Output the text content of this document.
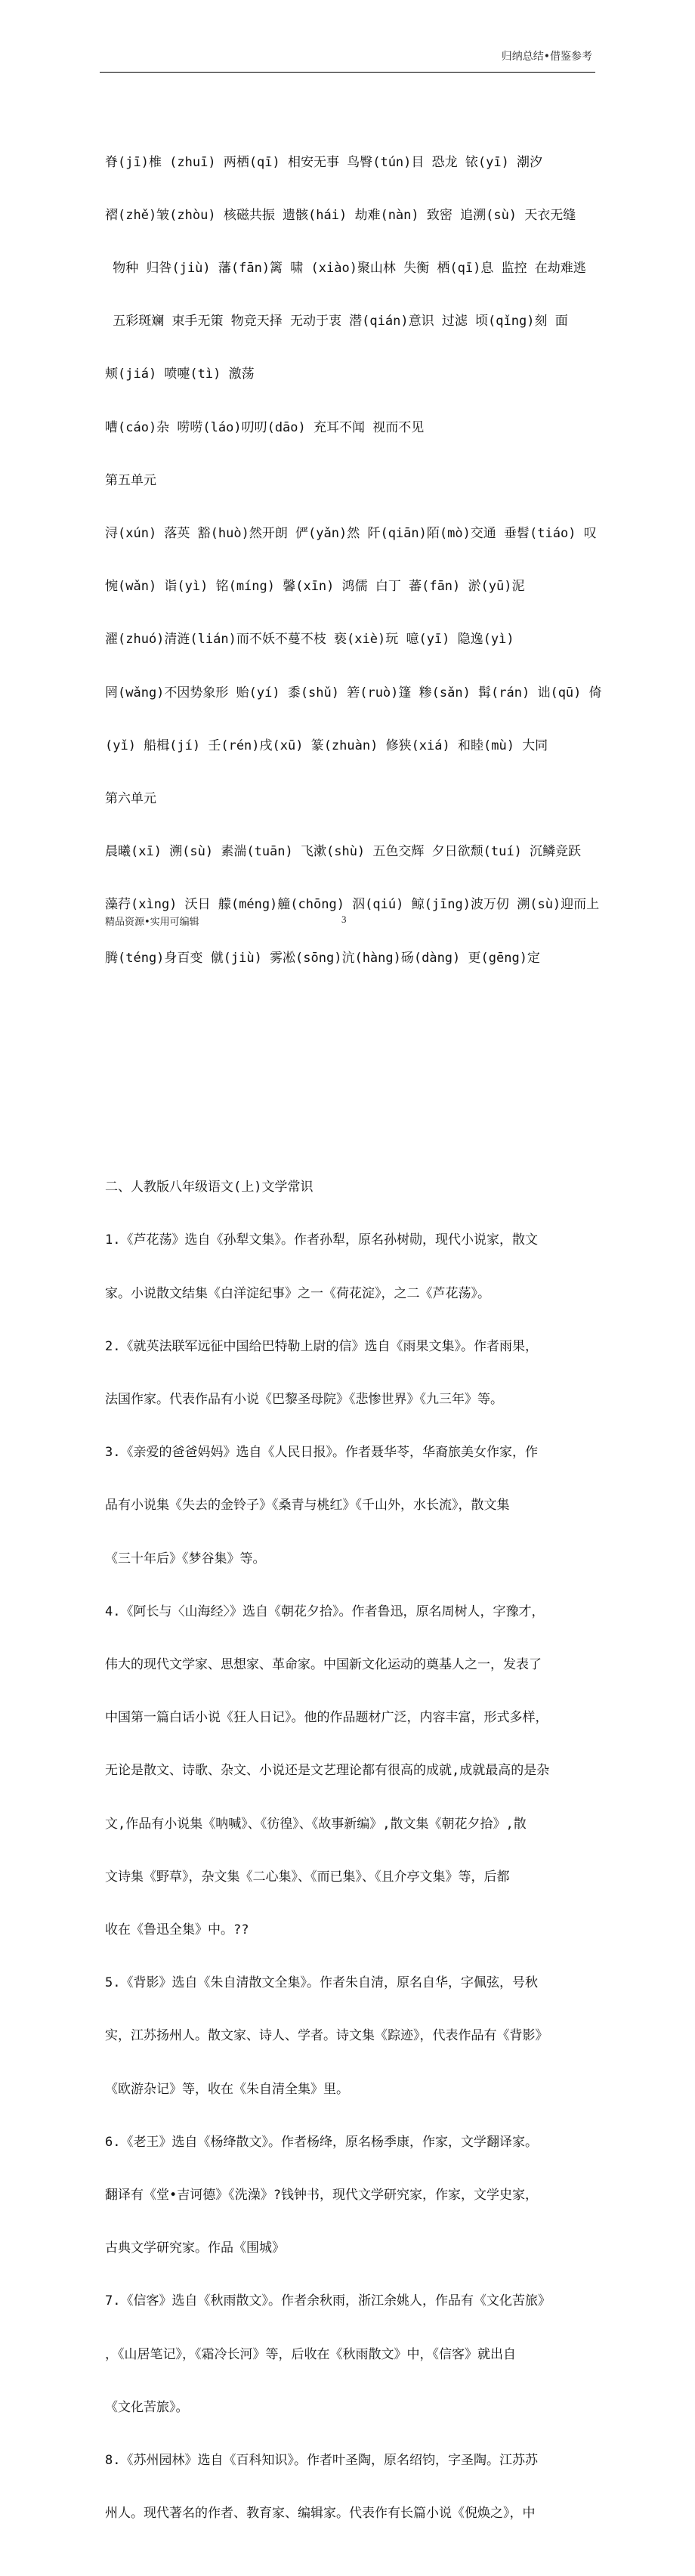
归纳总结•借鉴参考

脊(jī)椎 (zhuī) 两栖(qī) 相安无事 鸟臀(tún)目 恐龙 铱(yī) 潮汐

褶(zhě)皱(zhòu) 核磁共振 遗骸(hái) 劫难(nàn) 致密 追溯(sù) 天衣无缝

物种 归咎(jiù) 藩(fān)篱 啸 (xiào)聚山林 失衡 栖(qī)息 监控 在劫难逃

五彩斑斓 束手无策 物竞天择 无动于衷 潜(qián)意识 过滤 顷(qǐng)刻 面

颊(jiá) 喷嚏(tì) 激荡

嘈(cáo)杂 唠唠(láo)叨叨(dāo) 充耳不闻 视而不见

第五单元

浔(xún) 落英 豁(huò)然开朗 俨(yǎn)然 阡(qiān)陌(mò)交通 垂髫(tiáo) 叹

惋(wǎn) 诣(yì) 铭(míng) 馨(xīn) 鸿儒 白丁 蕃(fān) 淤(yū)泥

濯(zhuó)清涟(lián)而不妖不蔓不枝 亵(xiè)玩 噫(yī) 隐逸(yì)

罔(wǎng)不因势象形 贻(yí) 黍(shǔ) 箬(ruò)篷 糁(sǎn) 髯(rán) 诎(qū) 倚

(yǐ) 船楫(jí) 壬(rén)戌(xū) 篆(zhuàn) 修狭(xiá) 和睦(mù) 大同

第六单元

晨曦(xī) 溯(sù) 素湍(tuān) 飞漱(shù) 五色交辉 夕日欲颓(tuí) 沉鳞竞跃

藻荇(xìng) 沃日 艨(méng)艟(chōng) 泅(qiú) 鲸(jīng)波万仞 溯(sù)迎而上

腾(téng)身百变 僦(jiù) 雾凇(sōng)沆(hàng)砀(dàng) 更(gēng)定

二、人教版八年级语文(上)文学常识

1.《芦花荡》选自《孙犁文集》。作者孙犁，原名孙树勋，现代小说家，散文

家。小说散文结集《白洋淀纪事》之一《荷花淀》，之二《芦花荡》。

2.《就英法联军远征中国给巴特勒上尉的信》选自《雨果文集》。作者雨果，

法国作家。代表作品有小说《巴黎圣母院》《悲惨世界》《九三年》等。

3.《亲爱的爸爸妈妈》选自《人民日报》。作者聂华苓，华裔旅美女作家，作

品有小说集《失去的金铃子》《桑青与桃红》《千山外，水长流》，散文集

《三十年后》《梦谷集》等。

4.《阿长与〈山海经〉》选自《朝花夕拾》。作者鲁迅，原名周树人，字豫才，

伟大的现代文学家、思想家、革命家。中国新文化运动的奠基人之一，发表了

中国第一篇白话小说《狂人日记》。他的作品题材广泛，内容丰富，形式多样，

无论是散文、诗歌、杂文、小说还是文艺理论都有很高的成就,成就最高的是杂

文,作品有小说集《呐喊》、《彷徨》、《故事新编》,散文集《朝花夕拾》,散

文诗集《野草》，杂文集《二心集》、《而已集》、《且介亭文集》等，后都

收在《鲁迅全集》中。??

5.《背影》选自《朱自清散文全集》。作者朱自清，原名自华，字佩弦，号秋

实，江苏扬州人。散文家、诗人、学者。诗文集《踪迹》，代表作品有《背影》

《欧游杂记》等，收在《朱自清全集》里。

6.《老王》选自《杨绛散文》。作者杨绛，原名杨季康，作家，文学翻译家。

翻译有《堂•吉诃德》《洗澡》?钱钟书，现代文学研究家，作家，文学史家，

古典文学研究家。作品《围城》

7.《信客》选自《秋雨散文》。作者余秋雨，浙江余姚人，作品有《文化苦旅》

，《山居笔记》，《霜冷长河》等，后收在《秋雨散文》中，《信客》就出自

《文化苦旅》。

8.《苏州园林》选自《百科知识》。作者叶圣陶，原名绍钧，字圣陶。江苏苏

州人。现代著名的作者、教育家、编辑家。代表作有长篇小说《倪焕之》，中

精品资源•实用可编辑	3
